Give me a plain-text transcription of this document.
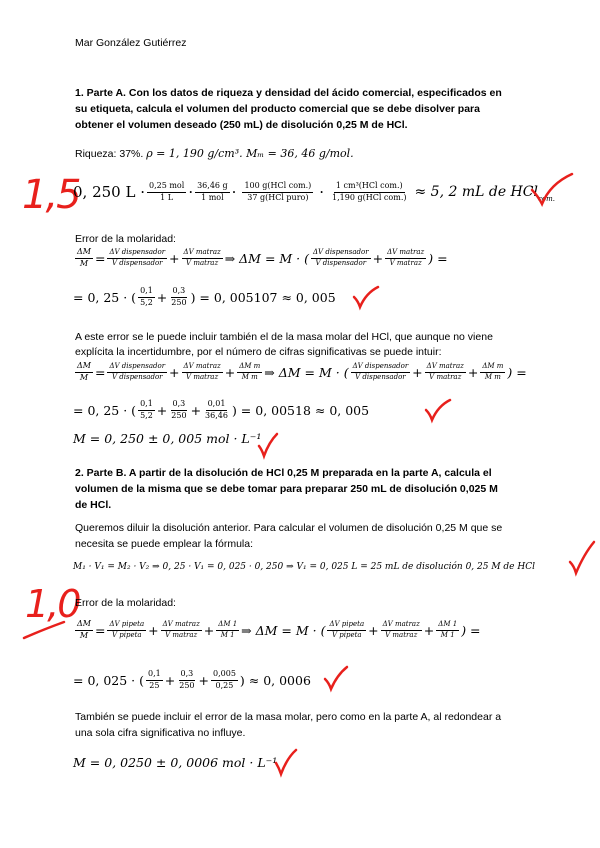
Mar González Gutiérrez
1. Parte A. Con los datos de riqueza y densidad del ácido comercial, especificados en
su etiqueta, calcula el volumen del producto comercial que se debe disolver para
obtener el volumen deseado (250 mL) de disolución 0,25 M de HCl.
Riqueza: 37%. ρ = 1, 190 g/cm³. Mₘ = 36, 46 g/mol.
1,5
0, 250 $L \cdot \frac{\text{0,25 mol}}{1 L} \cdot \frac{36,46 g}{\text{1 mol}} \cdot \frac{\text{100 g(HCl com.)}}{\text{37 g(HCl puro)}} \cdot \frac{\text{1 cm³(HCl com.)}}{\text{1,190 g(HCl com.)}} \approx 5$, 2 mL de HCl com.
Error de la molaridad:
$\frac{\Delta M}{M} = \frac{\text{ΔV dispensador}}{\text{V dispensador}} + \frac{\text{ΔV matraz}}{\text{V matraz}}$ ⇒ ΔM = M · ( $\frac{\text{ΔV dispensador}}{\text{V dispensador}} + \frac{\text{ΔV matraz}}{\text{V matraz}}$ ) =
= 0, 25 · ( $\frac{0,1}{5,2} + \frac{0,3}{250}$ ) = 0, 005107 ≈ 0, 005
A este error se le puede incluir también el de la masa molar del HCl, que aunque no viene
explícita la incertidumbre, por el número de cifras significativas se puede intuir:
$\frac{\Delta M}{M} = \frac{\text{ΔV dispensador}}{\text{V dispensador}} + \frac{\text{ΔV matraz}}{\text{V matraz}} + \frac{\text{ΔM m}}{\text{M m}}$ ⇒ ΔM = M · ( $\frac{\text{ΔV dispensador}}{\text{V dispensador}} + \frac{\text{ΔV matraz}}{\text{V matraz}} + \frac{\text{ΔM m}}{\text{M m}}$ ) =
= 0, 25 · ( $\frac{0,1}{5,2} + \frac{0,3}{250} + \frac{0,01}{36,46}$ ) = 0, 00518 ≈ 0, 005
M = 0, 250 ± 0, 005 mol · L⁻¹
2. Parte B. A partir de la disolución de HCl 0,25 M preparada en la parte A, calcula el
volumen de la misma que se debe tomar para preparar 250 mL de disolución 0,025 M
de HCl.
Queremos diluir la disolución anterior. Para calcular el volumen de disolución 0,25 M que se
necesita se puede emplear la fórmula:
M₁ · V₁ = M₂ · V₂ ⇒ 0, 25 · V₁ = 0, 025 · 0, 250 ⇒ V₁ = 0, 025 L = 25 mL de disolución 0, 25 M de HCl
1,0
Error de la molaridad:
$\frac{\Delta M}{M} = \frac{\text{ΔV pipeta}}{\text{V pipeta}} + \frac{\text{ΔV matraz}}{\text{V matraz}} + \frac{\Delta M 1}{M 1}$ ⇒ ΔM = M · ( $\frac{\text{ΔV pipeta}}{\text{V pipeta}} + \frac{\text{ΔV matraz}}{\text{V matraz}} + \frac{\Delta M 1}{M 1}$ ) =
= 0, 025 · ( $\frac{0,1}{25} + \frac{0,3}{250} + \frac{0,005}{0,25}$ ) ≈ 0, 0006
También se puede incluir el error de la masa molar, pero como en la parte A, al redondear a
una sola cifra significativa no influye.
M = 0, 0250 ± 0, 0006 mol · L⁻¹
